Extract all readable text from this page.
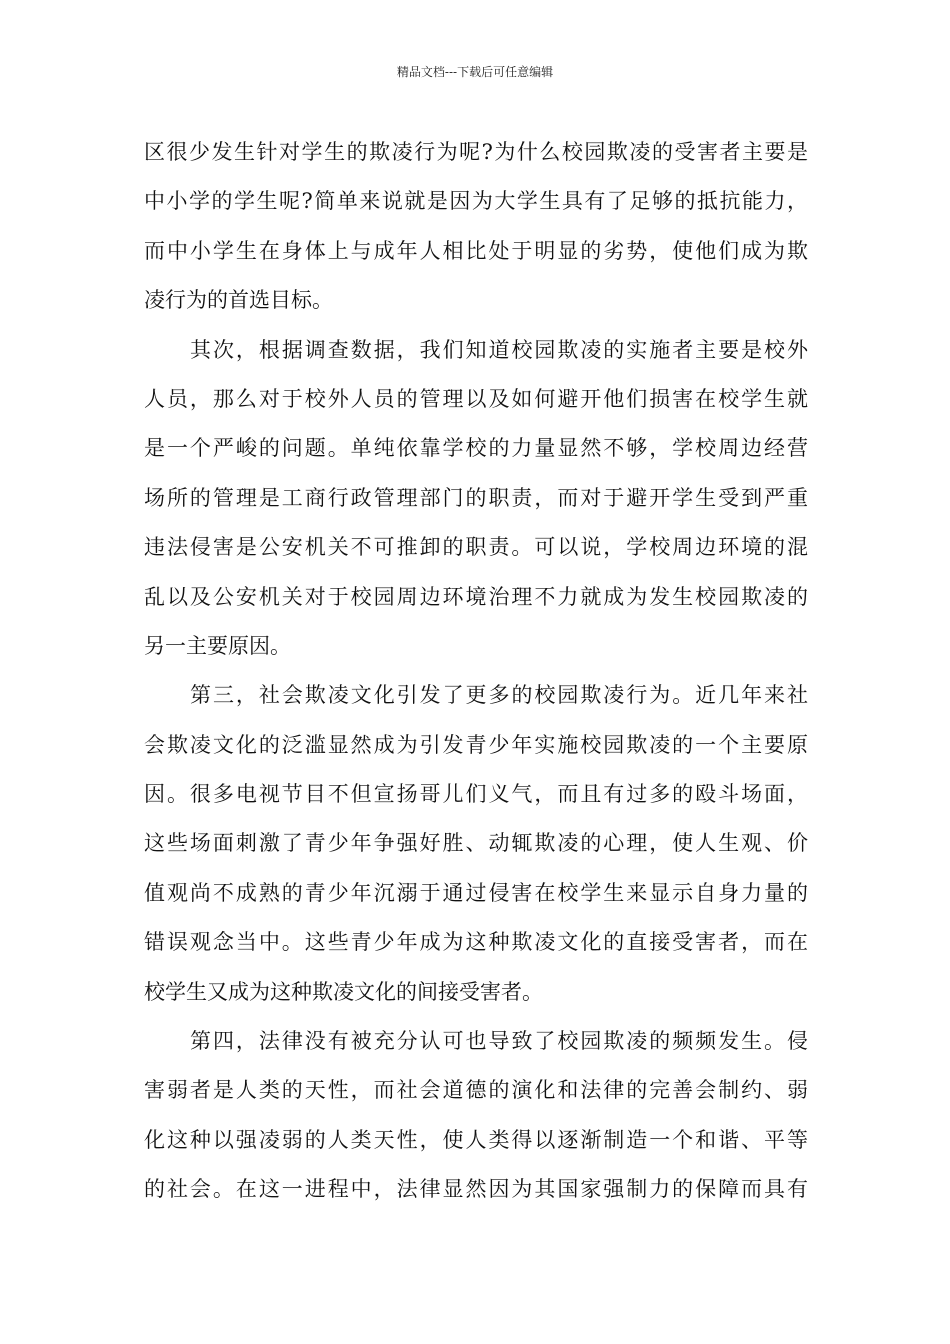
精品文档---下载后可任意编辑
区很少发生针对学生的欺凌行为呢?为什么校园欺凌的受害者主要是
中小学的学生呢?简单来说就是因为大学生具有了足够的抵抗能力，
而中小学生在身体上与成年人相比处于明显的劣势，使他们成为欺
凌行为的首选目标。
其次，根据调查数据，我们知道校园欺凌的实施者主要是校外
人员，那么对于校外人员的管理以及如何避开他们损害在校学生就
是一个严峻的问题。单纯依靠学校的力量显然不够，学校周边经营
场所的管理是工商行政管理部门的职责，而对于避开学生受到严重
违法侵害是公安机关不可推卸的职责。可以说，学校周边环境的混
乱以及公安机关对于校园周边环境治理不力就成为发生校园欺凌的
另一主要原因。
第三，社会欺凌文化引发了更多的校园欺凌行为。近几年来社
会欺凌文化的泛滥显然成为引发青少年实施校园欺凌的一个主要原
因。很多电视节目不但宣扬哥儿们义气，而且有过多的殴斗场面，
这些场面刺激了青少年争强好胜、动辄欺凌的心理，使人生观、价
值观尚不成熟的青少年沉溺于通过侵害在校学生来显示自身力量的
错误观念当中。这些青少年成为这种欺凌文化的直接受害者，而在
校学生又成为这种欺凌文化的间接受害者。
第四，法律没有被充分认可也导致了校园欺凌的频频发生。侵
害弱者是人类的天性，而社会道德的演化和法律的完善会制约、弱
化这种以强凌弱的人类天性，使人类得以逐渐制造一个和谐、平等
的社会。在这一进程中，法律显然因为其国家强制力的保障而具有
